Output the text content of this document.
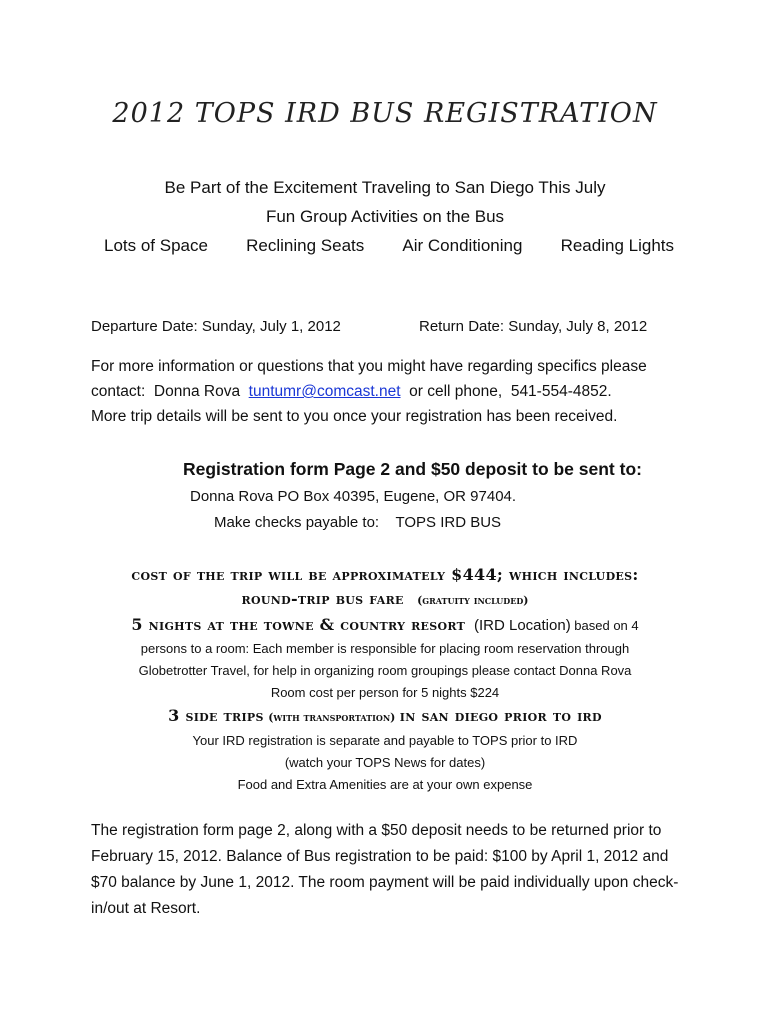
2012 TOPS IRD BUS REGISTRATION
Be Part of the Excitement Traveling to San Diego This July
Fun Group Activities on the Bus
Lots of Space Reclining Seats Air Conditioning Reading Lights
Departure Date: Sunday, July 1, 2012	Return Date: Sunday, July 8, 2012
For more information or questions that you might have regarding specifics please
contact:  Donna Rova  tuntumr@comcast.net  or cell phone,  541-554-4852.
More trip details will be sent to you once your registration has been received.
Registration form Page 2 and $50 deposit to be sent to:
Donna Rova PO Box 40395, Eugene, OR 97404.
Make checks payable to:    TOPS IRD BUS
cost of the trip will be approximately $444; which includes:
round-trip bus fare (gratuity included)
5 nights at the towne & country resort (IRD Location) based on 4
persons to a room: Each member is responsible for placing room reservation through
Globetrotter Travel, for help in organizing room groupings please contact Donna Rova
Room cost per person for 5 nights $224
3 side trips (with transportation) in san diego prior to ird
Your IRD registration is separate and payable to TOPS prior to IRD
(watch your TOPS News for dates)
Food and Extra Amenities are at your own expense
The registration form page 2, along with a $50 deposit needs to be returned prior to February 15, 2012. Balance of Bus registration to be paid: $100 by April 1, 2012 and $70 balance by June 1, 2012. The room payment will be paid individually upon check-in/out at Resort.
